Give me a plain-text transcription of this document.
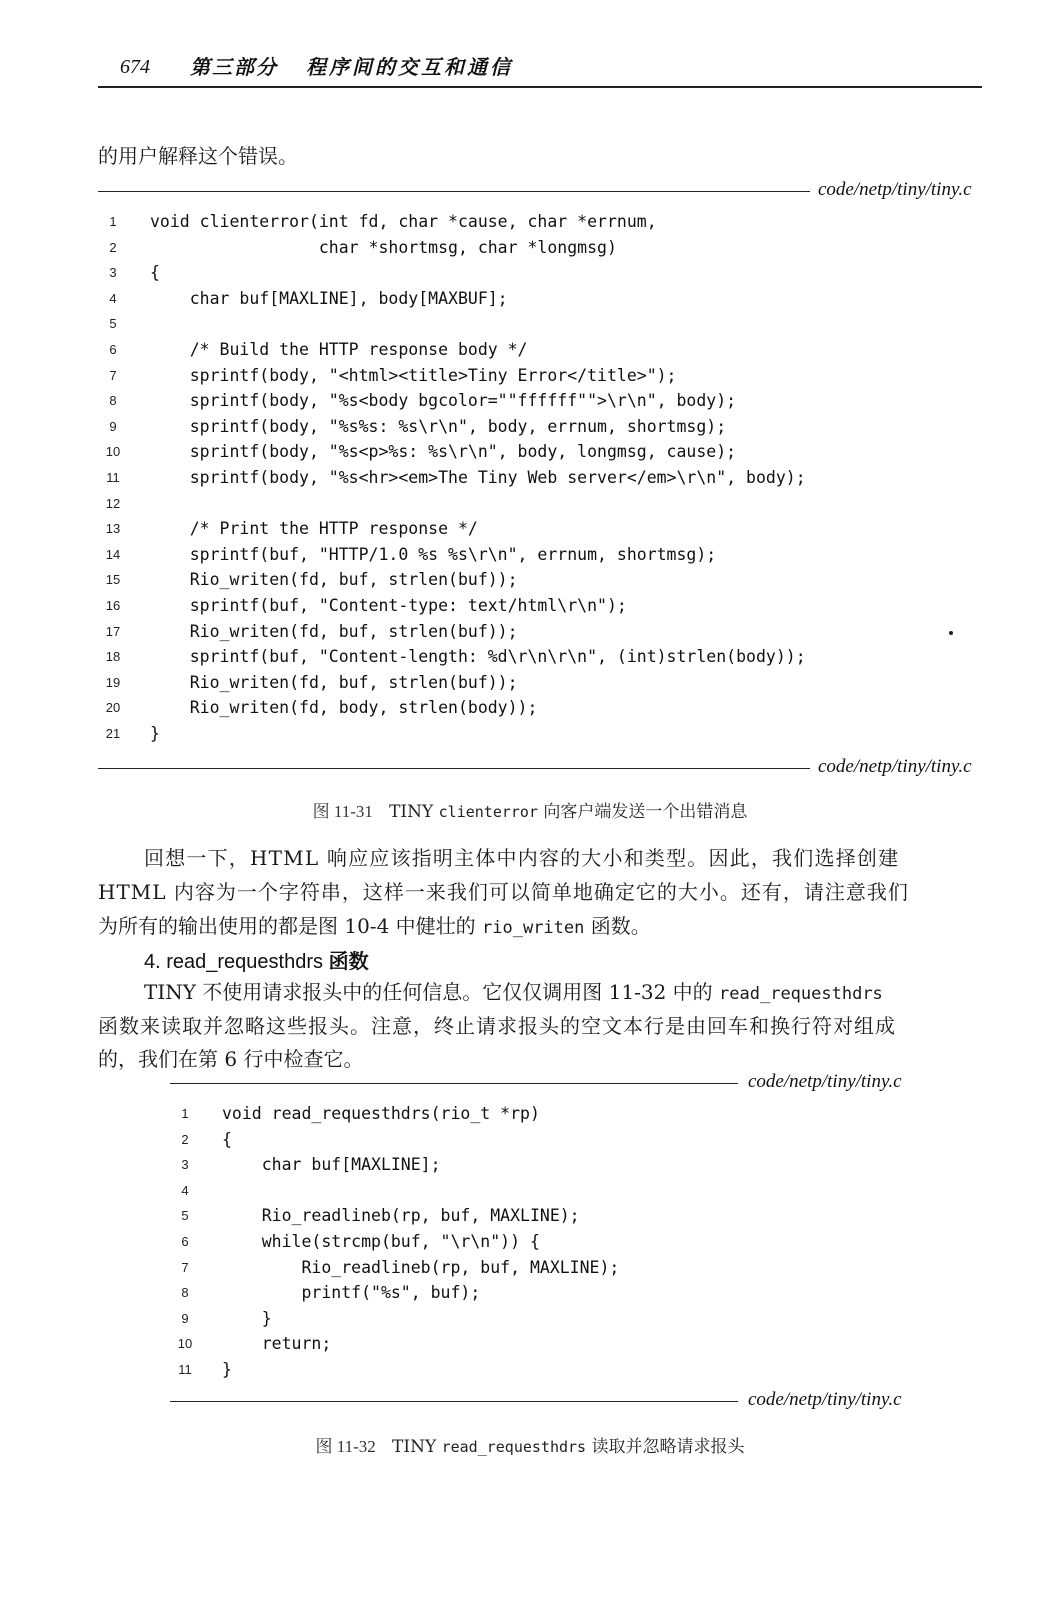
674 第三部分 程序间的交互和通信
的用户解释这个错误。
code/netp/tiny/tiny.c
1	void clienterror(int fd, char *cause, char *errnum,
2	char *shortmsg, char *longmsg)
3	{
4	char buf[MAXLINE], body[MAXBUF];
5
6	/* Build the HTTP response body */
7	sprintf(body, "<html><title>Tiny Error</title>");
8	sprintf(body, "%s<body bgcolor=""ffffff"">\r\n", body);
9	sprintf(body, "%s%s: %s\r\n", body, errnum, shortmsg);
10	sprintf(body, "%s<p>%s: %s\r\n", body, longmsg, cause);
11	sprintf(body, "%s<hr><em>The Tiny Web server</em>\r\n", body);
12
13	/* Print the HTTP response */
14	sprintf(buf, "HTTP/1.0 %s %s\r\n", errnum, shortmsg);
15	Rio_writen(fd, buf, strlen(buf));
16	sprintf(buf, "Content-type: text/html\r\n");
17	Rio_writen(fd, buf, strlen(buf));
18	sprintf(buf, "Content-length: %d\r\n\r\n", (int)strlen(body));
19	Rio_writen(fd, buf, strlen(buf));
20	Rio_writen(fd, body, strlen(body));
21	}
code/netp/tiny/tiny.c
图 11-31 TINY clienterror 向客户端发送一个出错消息
回想一下，HTML 响应应该指明主体中内容的大小和类型。因此，我们选择创建
HTML 内容为一个字符串，这样一来我们可以简单地确定它的大小。还有，请注意我们
为所有的输出使用的都是图 10-4 中健壮的 rio_writen 函数。
4. read_requesthdrs 函数
TINY 不使用请求报头中的任何信息。它仅仅调用图 11-32 中的 read_requesthdrs
函数来读取并忽略这些报头。注意，终止请求报头的空文本行是由回车和换行符对组成
的，我们在第 6 行中检查它。
code/netp/tiny/tiny.c
1	void read_requesthdrs(rio_t *rp)
2	{
3	char buf[MAXLINE];
4
5	Rio_readlineb(rp, buf, MAXLINE);
6	while(strcmp(buf, "\r\n")) {
7	Rio_readlineb(rp, buf, MAXLINE);
8	printf("%s", buf);
9	}
10	return;
11	}
code/netp/tiny/tiny.c
图 11-32 TINY read_requesthdrs 读取并忽略请求报头
